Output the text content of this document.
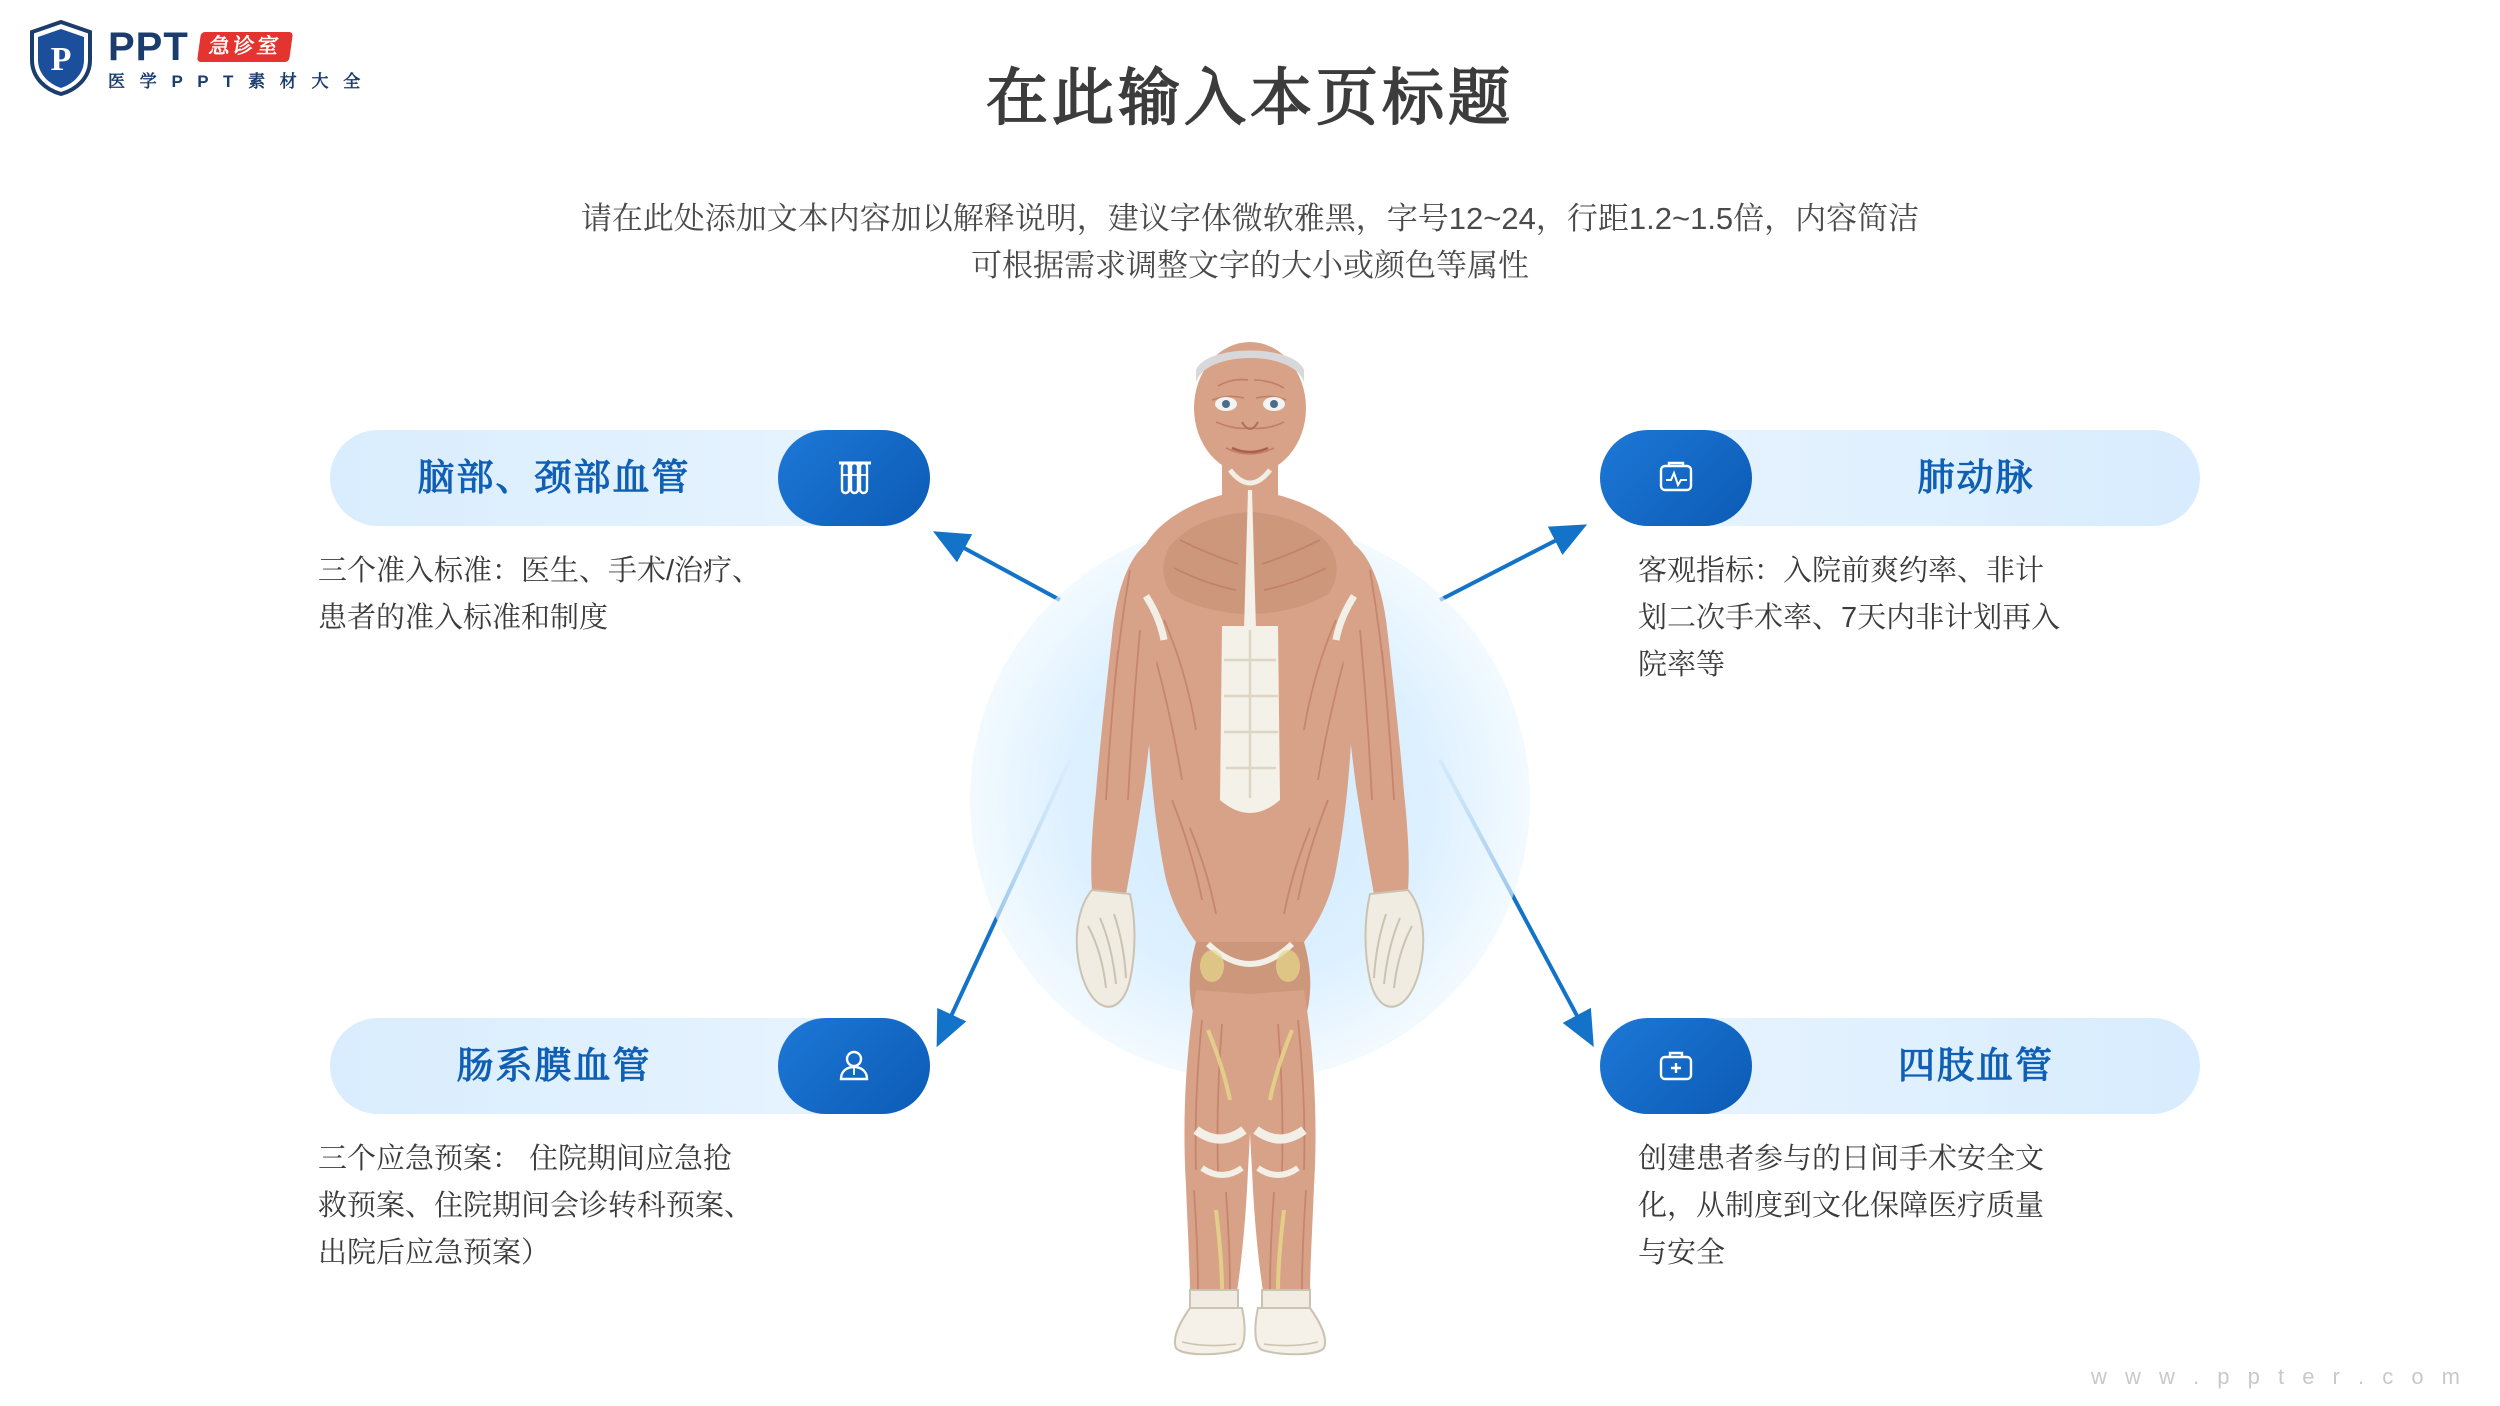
P PPT 急诊室
医 学 P P T 素 材 大 全	在此输入本页标题
请在此处添加文本内容加以解释说明，建议字体微软雅黑，字号12~24，行距1.2~1.5倍，内容简洁
可根据需求调整文字的大小或颜色等属性
脑部、颈部血管
三个准入标准：医生、手术/治疗、
患者的准入标准和制度
肺动脉
客观指标：入院前爽约率、非计
划二次手术率、7天内非计划再入
院率等
肠系膜血管
三个应急预案： 住院期间应急抢
救预案、住院期间会诊转科预案、
出院后应急预案）
四肢血管
创建患者参与的日间手术安全文
化，从制度到文化保障医疗质量
与安全
w w w . p p t e r . c o m
